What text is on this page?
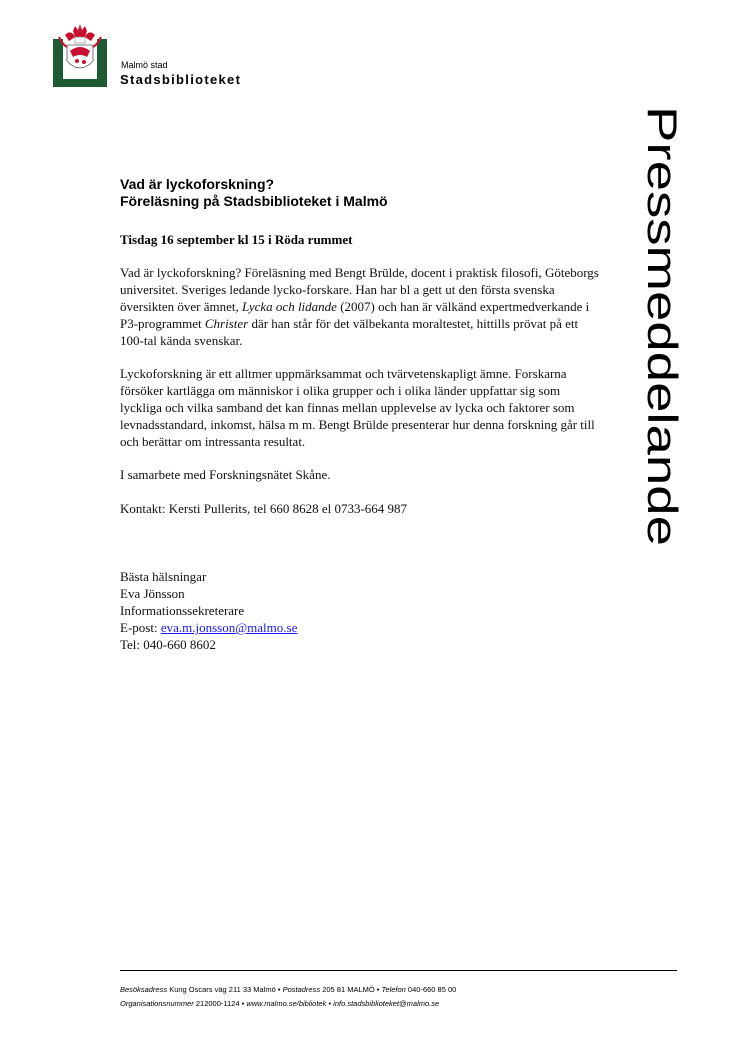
Malmö stad
Stadsbiblioteket
Pressmeddelande
Vad är lyckoforskning?
Föreläsning på Stadsbiblioteket i Malmö
Tisdag 16 september kl 15 i Röda rummet

Vad är lyckoforskning? Föreläsning med Bengt Brülde, docent i praktisk filosofi, Göteborgs universitet. Sveriges ledande lycko-forskare. Han har bl a gett ut den första svenska översikten över ämnet, Lycka och lidande (2007) och han är välkänd expertmedverkande i P3-programmet Christer där han står för det välbekanta moraltestet, hittills prövat på ett 100-tal kända svenskar.

Lyckoforskning är ett alltmer uppmärksammat och tvärvetenskapligt ämne. Forskarna försöker kartlägga om människor i olika grupper och i olika länder uppfattar sig som lyckliga och vilka samband det kan finnas mellan upplevelse av lycka och faktorer som levnadsstandard, inkomst, hälsa m m. Bengt Brülde presenterar hur denna forskning går till och berättar om intressanta resultat.

I samarbete med Forskningsnätet Skåne.

Kontakt: Kersti Pullerits, tel 660 8628 el 0733-664 987

Bästa hälsningar
Eva Jönsson
Informationssekreterare
E-post: eva.m.jonsson@malmo.se
Tel: 040-660 8602
Besöksadress Kung Oscars väg 211 33 Malmö • Postadress 205 81 MALMÖ • Telefon 040-660 85 00
Organisationsnummer 212000-1124 • www.malmo.se/bibliotek • info.stadsbiblioteket@malmo.se
